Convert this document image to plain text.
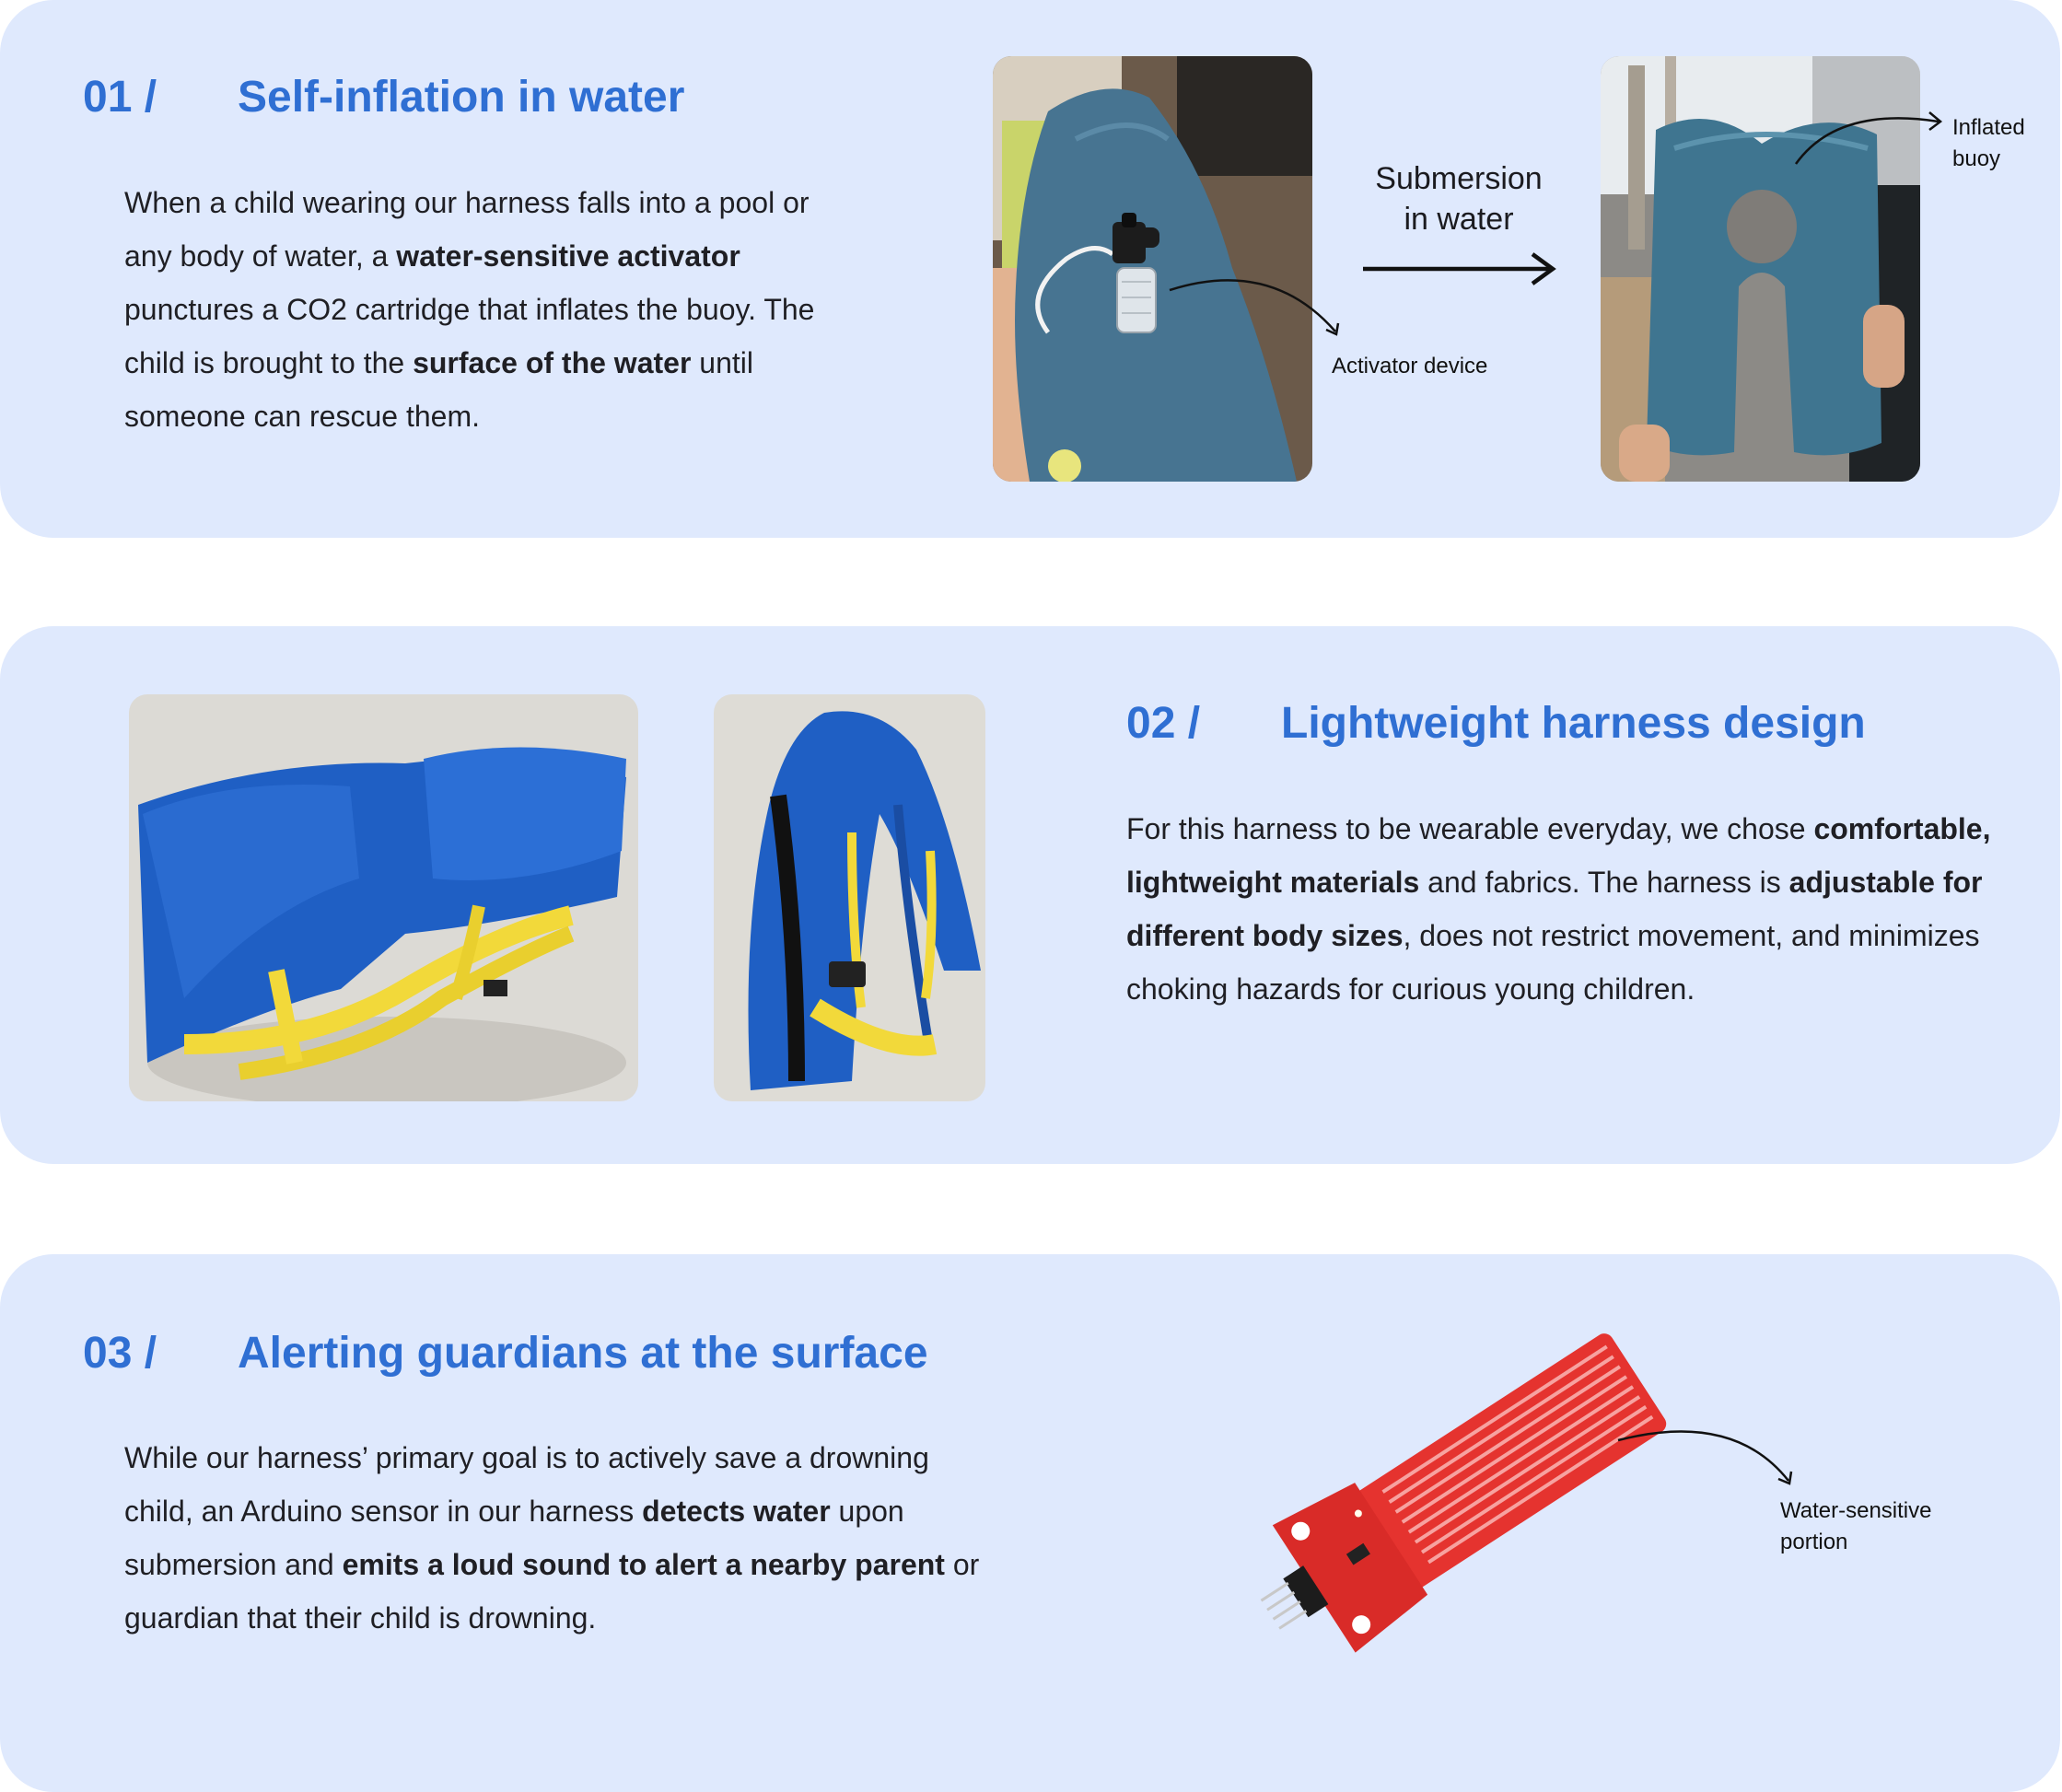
01 / Self-inflation in water

When a child wearing our harness falls into a pool or any body of water, a water-sensitive activator punctures a CO2 cartridge that inflates the buoy. The child is brought to the surface of the water until someone can rescue them.

Activator device
Submersion
in water
Inflated
buoy
02 / Lightweight harness design

For this harness to be wearable everyday, we chose comfortable, lightweight materials and fabrics. The harness is adjustable for different body sizes, does not restrict movement, and minimizes choking hazards for curious young children.

03 / Alerting guardians at the surface

While our harness’ primary goal is to actively save a drowning child, an Arduino sensor in our harness detects water upon submersion and emits a loud sound to alert a nearby parent or guardian that their child is drowning.

Water-sensitive
portion
